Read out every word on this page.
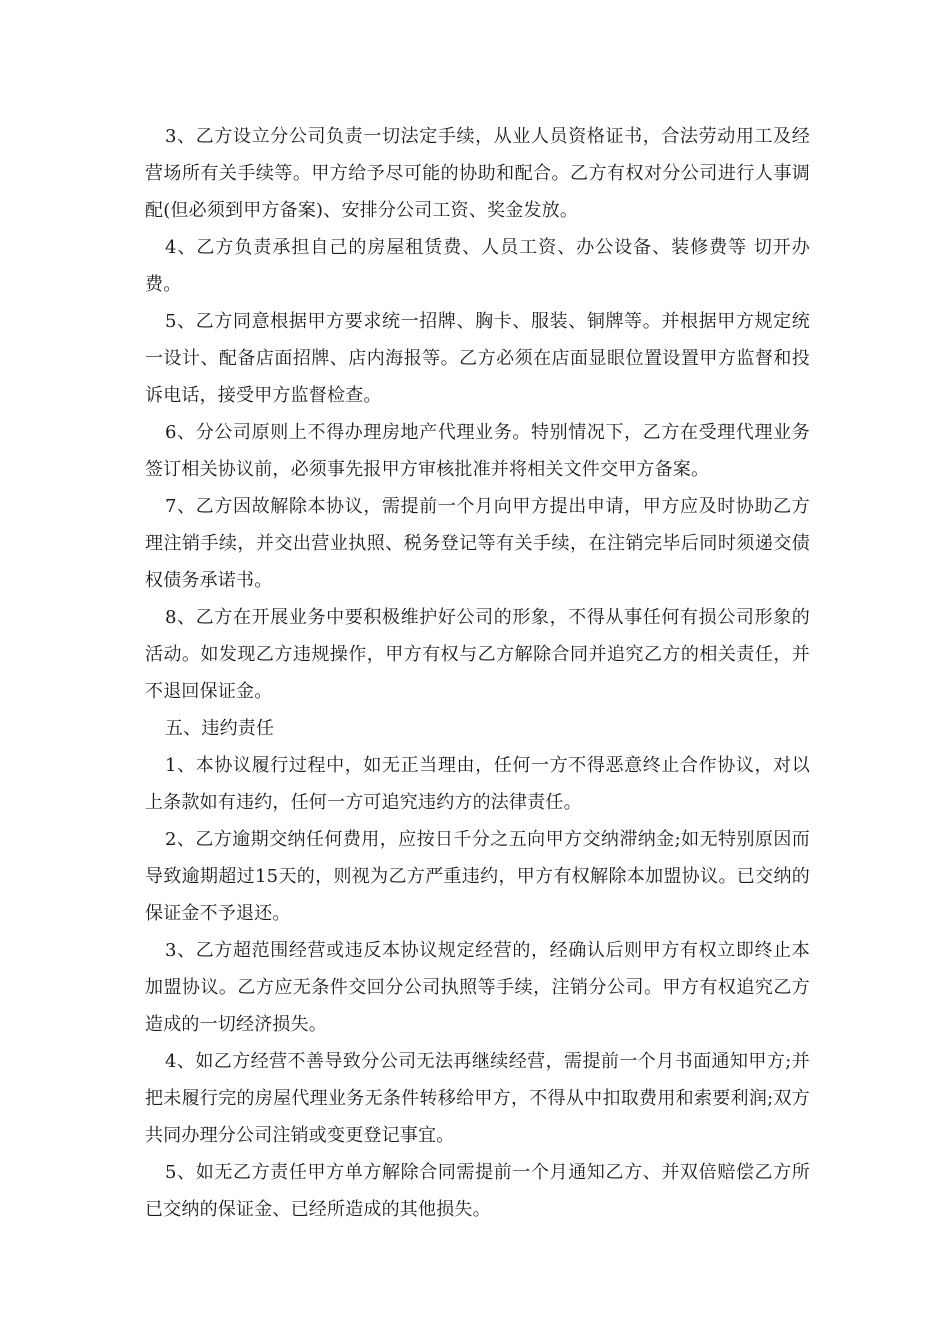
3、乙方设立分公司负责一切法定手续，从业人员资格证书，合法劳动用工及经营场所有关手续等。甲方给予尽可能的协助和配合。乙方有权对分公司进行人事调配(但必须到甲方备案)、安排分公司工资、奖金发放。

4、乙方负责承担自己的房屋租赁费、人员工资、办公设备、装修费等 切开办费。

5、乙方同意根据甲方要求统一招牌、胸卡、服装、铜牌等。并根据甲方规定统一设计、配备店面招牌、店内海报等。乙方必须在店面显眼位置设置甲方监督和投诉电话，接受甲方监督检查。

6、分公司原则上不得办理房地产代理业务。特别情况下，乙方在受理代理业务签订相关协议前，必须事先报甲方审核批准并将相关文件交甲方备案。

7、乙方因故解除本协议，需提前一个月向甲方提出申请，甲方应及时协助乙方理注销手续，并交出营业执照、税务登记等有关手续，在注销完毕后同时须递交债权债务承诺书。

8、乙方在开展业务中要积极维护好公司的形象，不得从事任何有损公司形象的活动。如发现乙方违规操作，甲方有权与乙方解除合同并追究乙方的相关责任，并不退回保证金。

五、违约责任

1、本协议履行过程中，如无正当理由，任何一方不得恶意终止合作协议，对以上条款如有违约，任何一方可追究违约方的法律责任。

2、乙方逾期交纳任何费用，应按日千分之五向甲方交纳滞纳金;如无特别原因而导致逾期超过15天的，则视为乙方严重违约，甲方有权解除本加盟协议。已交纳的保证金不予退还。

3、乙方超范围经营或违反本协议规定经营的，经确认后则甲方有权立即终止本加盟协议。乙方应无条件交回分公司执照等手续，注销分公司。甲方有权追究乙方造成的一切经济损失。

4、如乙方经营不善导致分公司无法再继续经营，需提前一个月书面通知甲方;并把未履行完的房屋代理业务无条件转移给甲方，不得从中扣取费用和索要利润;双方共同办理分公司注销或变更登记事宜。

5、如无乙方责任甲方单方解除合同需提前一个月通知乙方、并双倍赔偿乙方所已交纳的保证金、已经所造成的其他损失。
